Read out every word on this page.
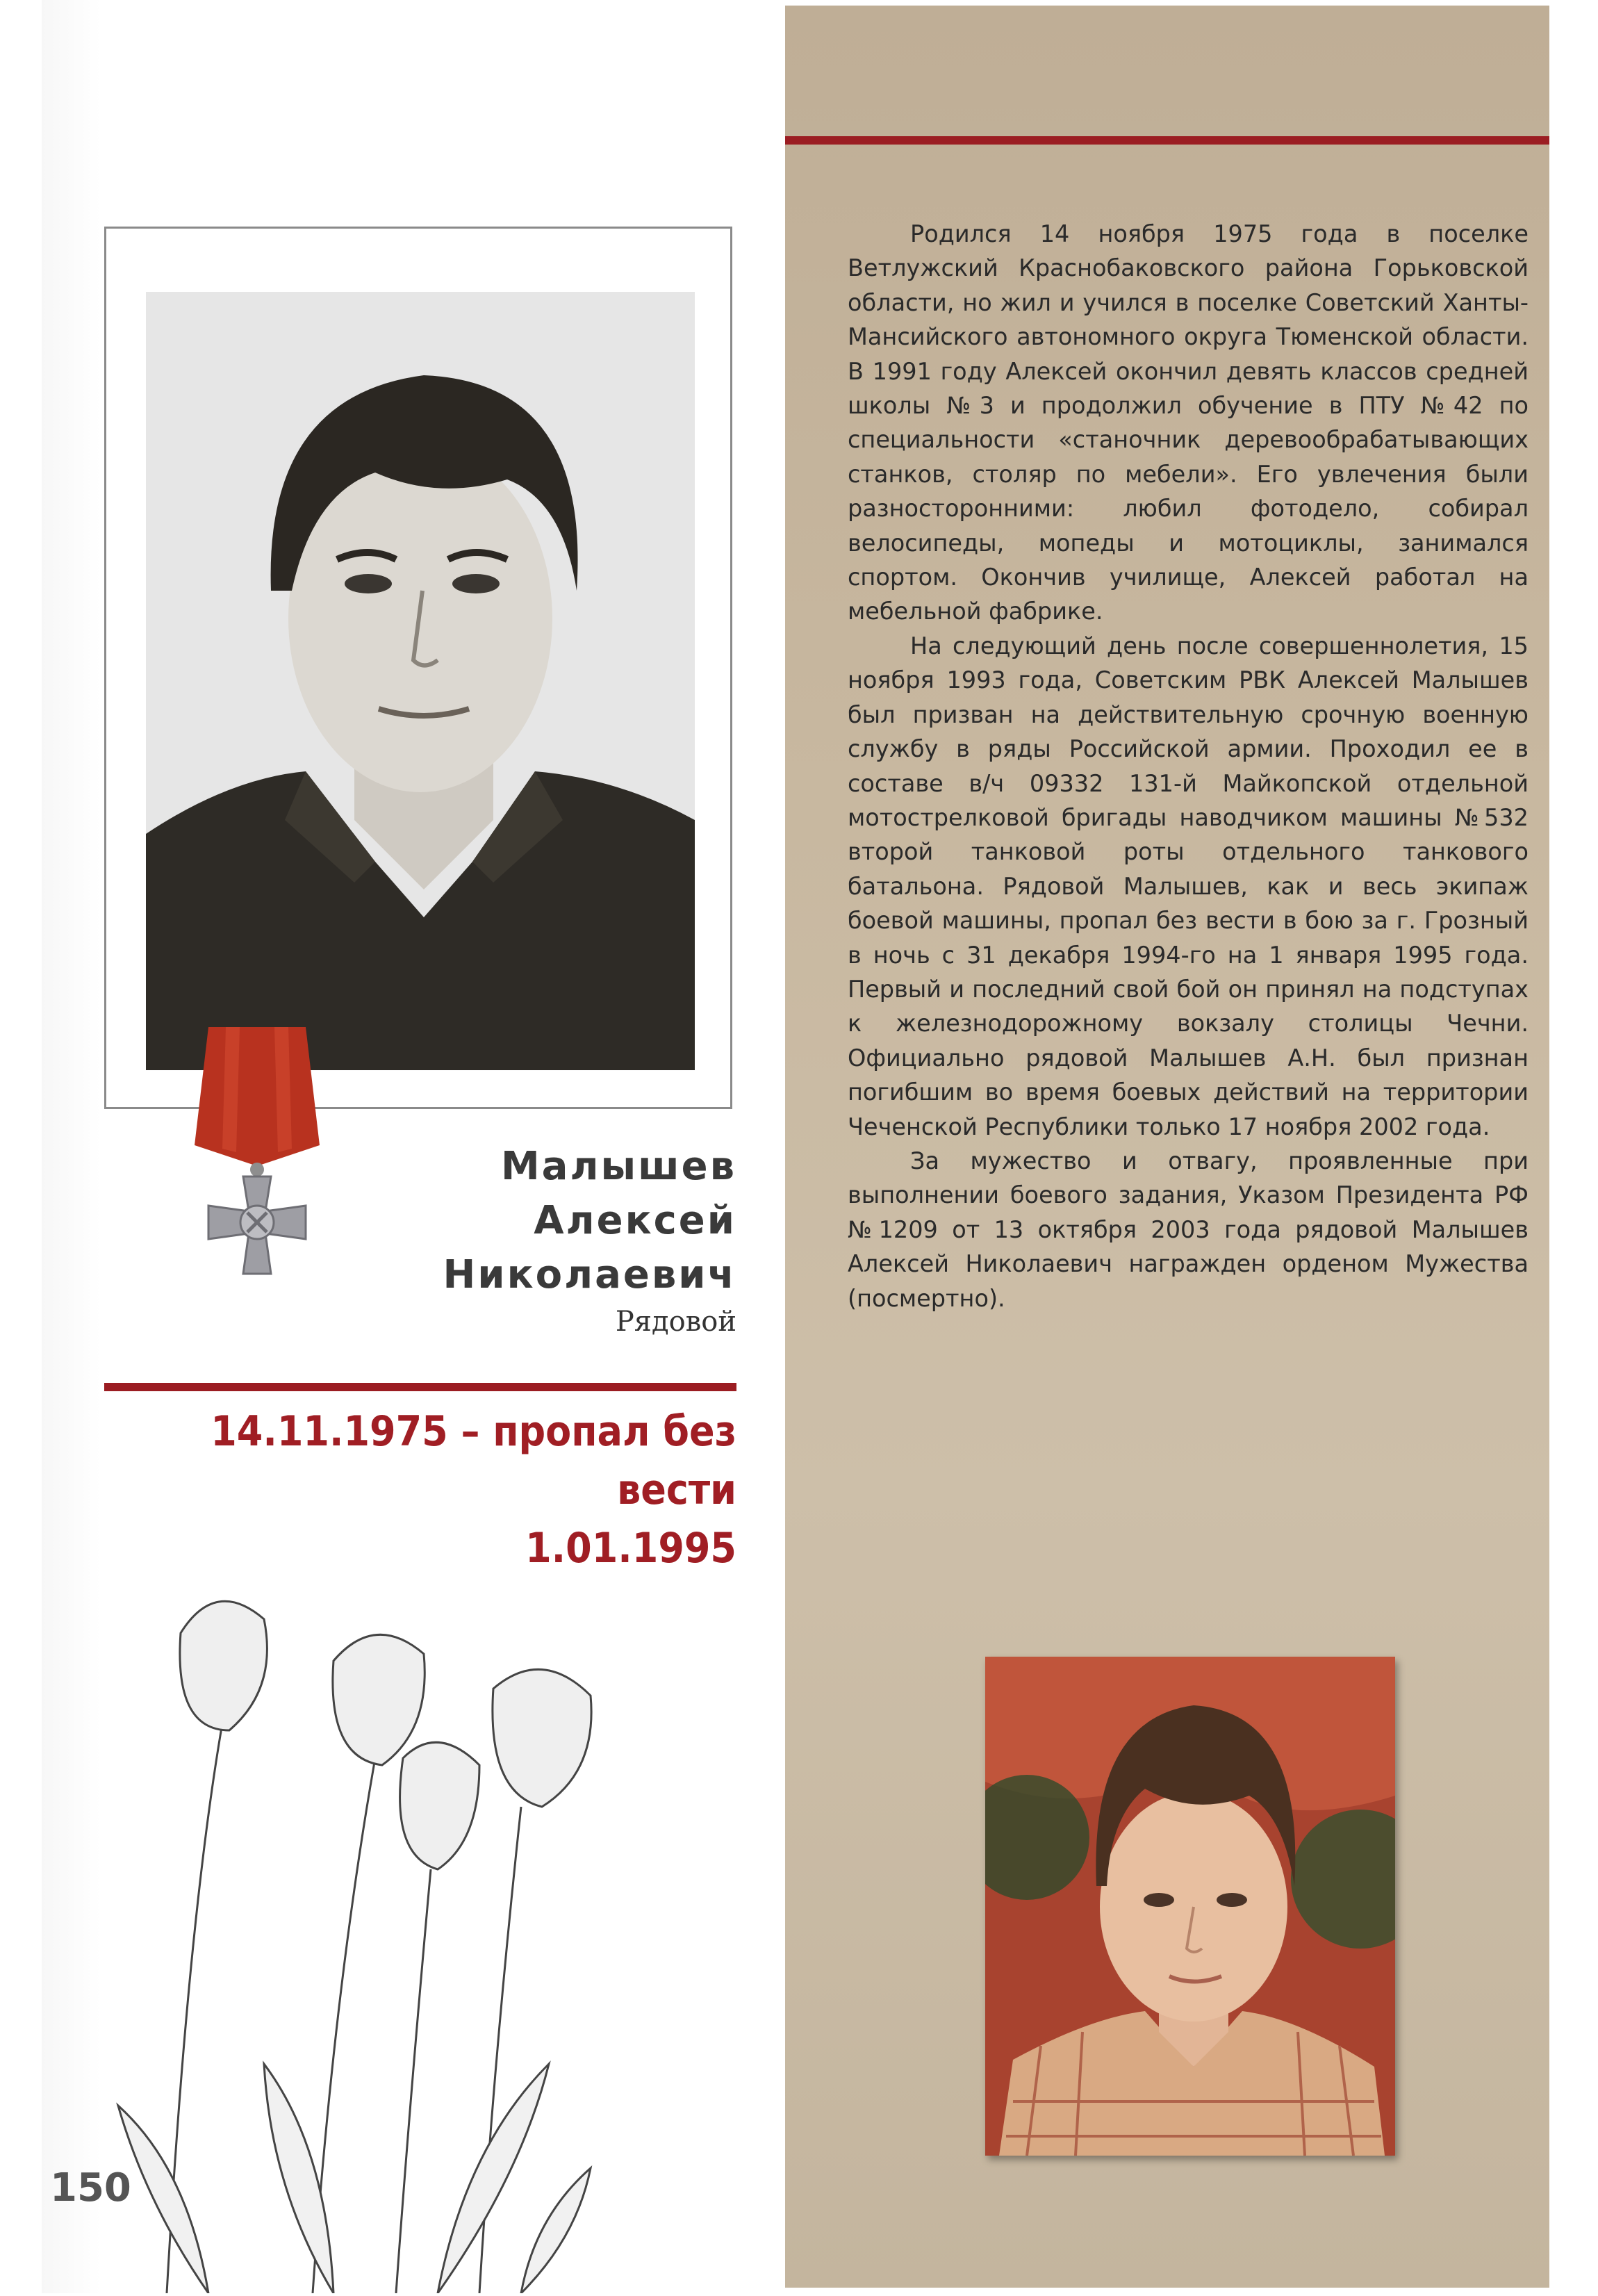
Малышев
Алексей
Николаевич
Рядовой
14.11.1975 – пропал без вести
1.01.1995
150

Родился 14 ноября 1975 года в поселке Ветлужский Краснобаковского района Горьковской области, но жил и учился в поселке Советский Ханты-Мансийского автономного округа Тюменской области. В 1991 году Алексей окончил девять классов средней школы №3 и продолжил обучение в ПТУ №42 по специальности «станочник деревообрабатывающих станков, столяр по мебели». Его увлечения были разносторонними: любил фотодело, собирал велосипеды, мопеды и мотоциклы, занимался спортом. Окончив училище, Алексей работал на мебельной фабрике.

На следующий день после совершеннолетия, 15 ноября 1993 года, Советским РВК Алексей Малышев был призван на действительную срочную военную службу в ряды Российской армии. Проходил ее в составе в/ч 09332 131-й Майкопской отдельной мотострелковой бригады наводчиком машины №532 второй танковой роты отдельного танкового батальона. Рядовой Малышев, как и весь экипаж боевой машины, пропал без вести в бою за г. Грозный в ночь с 31 декабря 1994-го на 1 января 1995 года. Первый и последний свой бой он принял на подступах к железнодорожному вокзалу столицы Чечни. Официально рядовой Малышев А.Н. был признан погибшим во время боевых действий на территории Чеченской Республики только 17 ноября 2002 года.

За мужество и отвагу, проявленные при выполнении боевого задания, Указом Президента РФ №1209 от 13 октября 2003 года рядовой Малышев Алексей Николаевич награжден орденом Мужества (посмертно).
